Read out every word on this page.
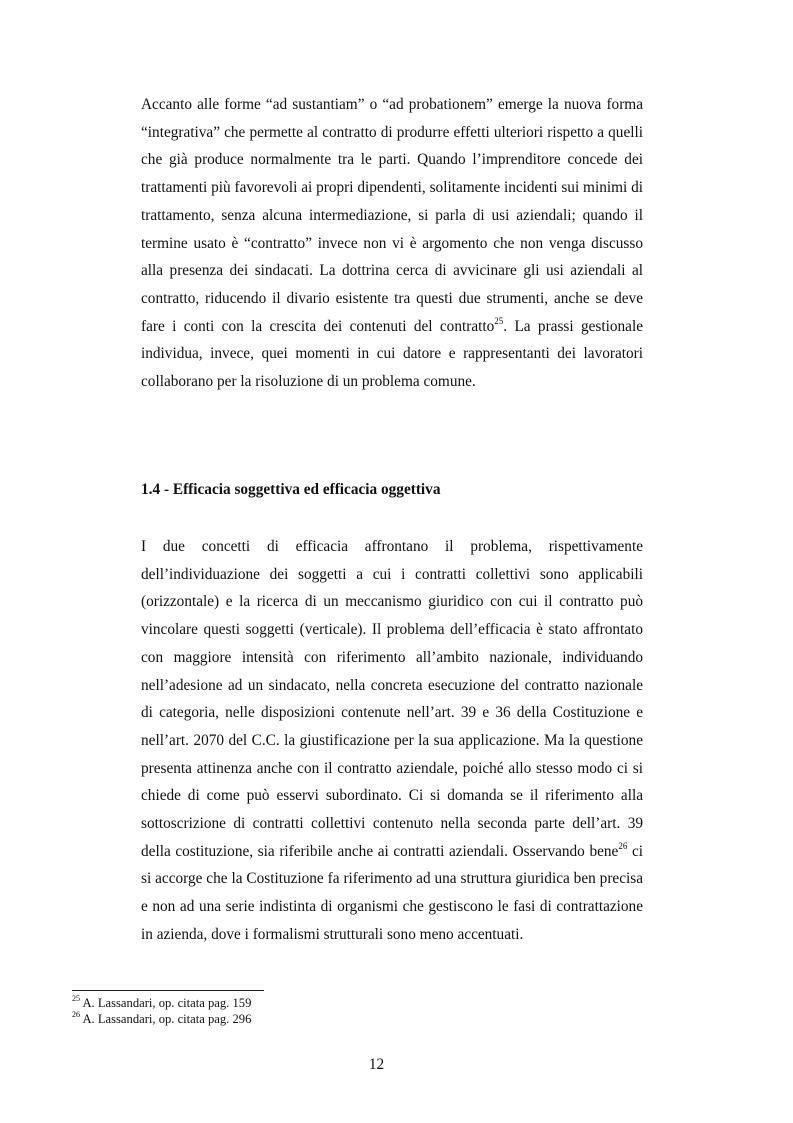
Accanto alle forme “ad sustantiam” o “ad probationem” emerge la nuova forma “integrativa” che permette al contratto di produrre effetti ulteriori rispetto a quelli che già produce normalmente tra le parti. Quando l’imprenditore concede dei trattamenti più favorevoli ai propri dipendenti, solitamente incidenti sui minimi di trattamento, senza alcuna intermediazione, si parla di usi aziendali; quando il termine usato è “contratto” invece non vi è argomento che non venga discusso alla presenza dei sindacati. La dottrina cerca di avvicinare gli usi aziendali al contratto, riducendo il divario esistente tra questi due strumenti, anche se deve fare i conti con la crescita dei contenuti del contratto$^{25}$. La prassi gestionale individua, invece, quei momenti in cui datore e rappresentanti dei lavoratori collaborano per la risoluzione di un problema comune.

1.4 - Efficacia soggettiva ed efficacia oggettiva

I due concetti di efficacia affrontano il problema, rispettivamente dell’individuazione dei soggetti a cui i contratti collettivi sono applicabili (orizzontale) e la ricerca di un meccanismo giuridico con cui il contratto può vincolare questi soggetti (verticale). Il problema dell’efficacia è stato affrontato con maggiore intensità con riferimento all’ambito nazionale, individuando nell’adesione ad un sindacato, nella concreta esecuzione del contratto nazionale di categoria, nelle disposizioni contenute nell’art. 39 e 36 della Costituzione e nell’art. 2070 del C.C. la giustificazione per la sua applicazione. Ma la questione presenta attinenza anche con il contratto aziendale, poiché allo stesso modo ci si chiede di come può esservi subordinato. Ci si domanda se il riferimento alla sottoscrizione di contratti collettivi contenuto nella seconda parte dell’art. 39 della costituzione, sia riferibile anche ai contratti aziendali. Osservando bene$^{26}$ ci si accorge che la Costituzione fa riferimento ad una struttura giuridica ben precisa e non ad una serie indistinta di organismi che gestiscono le fasi di contrattazione in azienda, dove i formalismi strutturali sono meno accentuati.

$^{25}$ A. Lassandari, op. citata pag. 159
$^{26}$ A. Lassandari, op. citata pag. 296
12
